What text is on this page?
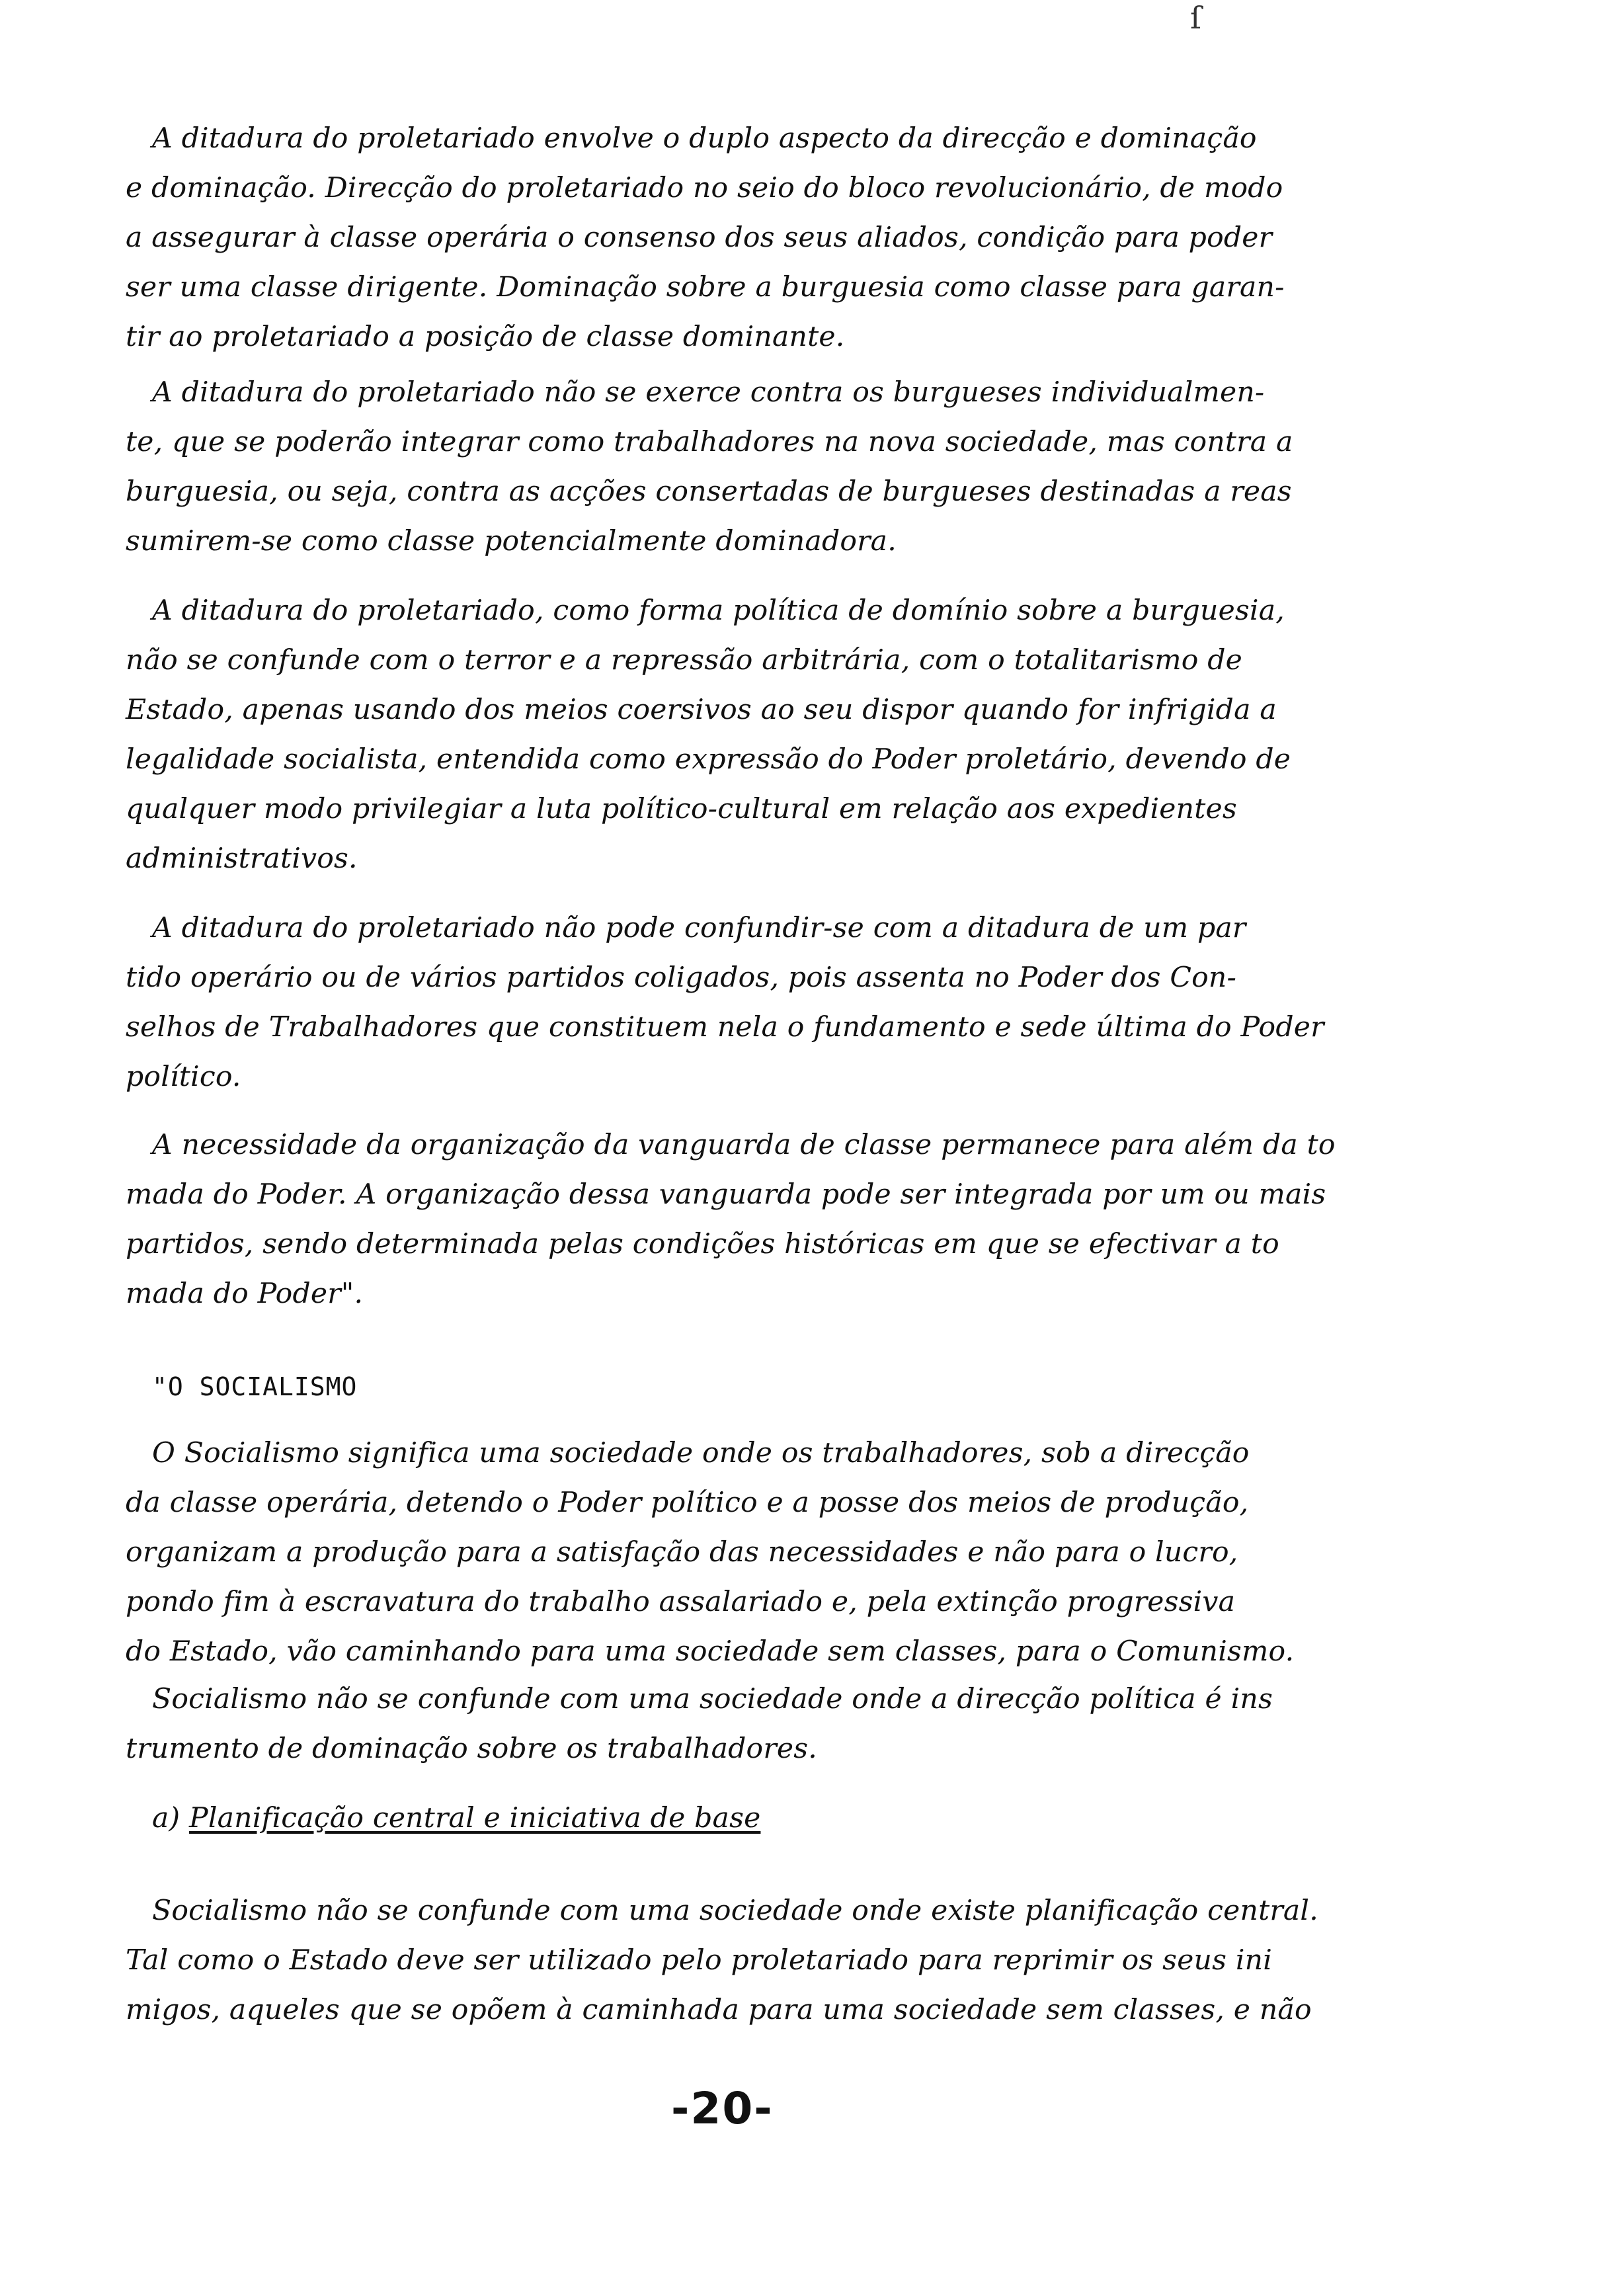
ſ
A ditadura do proletariado envolve o duplo aspecto da direcção e dominação
e dominação. Direcção do proletariado no seio do bloco revolucionário, de modo
a assegurar à classe operária o consenso dos seus aliados, condição para poder
ser uma classe dirigente. Dominação sobre a burguesia como classe para garan-
tir ao proletariado a posição de classe dominante.
A ditadura do proletariado não se exerce contra os burgueses individualmen-
te, que se poderão integrar como trabalhadores na nova sociedade, mas contra a
burguesia, ou seja, contra as acções consertadas de burgueses destinadas a reas
sumirem-se como classe potencialmente dominadora.
A ditadura do proletariado, como forma política de domínio sobre a burguesia,
não se confunde com o terror e a repressão arbitrária, com o totalitarismo de
Estado, apenas usando dos meios coersivos ao seu dispor quando for infrigida a
legalidade socialista, entendida como expressão do Poder proletário, devendo de
qualquer modo privilegiar a luta político-cultural em relação aos expedientes
administrativos.
A ditadura do proletariado não pode confundir-se com a ditadura de um par
tido operário ou de vários partidos coligados, pois assenta no Poder dos Con-
selhos de Trabalhadores que constituem nela o fundamento e sede última do Poder
político.
A necessidade da organização da vanguarda de classe permanece para além da to
mada do Poder. A organização dessa vanguarda pode ser integrada por um ou mais
partidos, sendo determinada pelas condições históricas em que se efectivar a to
mada do Poder".
"O SOCIALISMO
O Socialismo significa uma sociedade onde os trabalhadores, sob a direcção
da classe operária, detendo o Poder político e a posse dos meios de produção,
organizam a produção para a satisfação das necessidades e não para o lucro,
pondo fim à escravatura do trabalho assalariado e, pela extinção progressiva
do Estado, vão caminhando para uma sociedade sem classes, para o Comunismo.
Socialismo não se confunde com uma sociedade onde a direcção política é ins
trumento de dominação sobre os trabalhadores.
a) Planificação central e iniciativa de base
Socialismo não se confunde com uma sociedade onde existe planificação central.
Tal como o Estado deve ser utilizado pelo proletariado para reprimir os seus ini
migos, aqueles que se opõem à caminhada para uma sociedade sem classes, e não
-20-
